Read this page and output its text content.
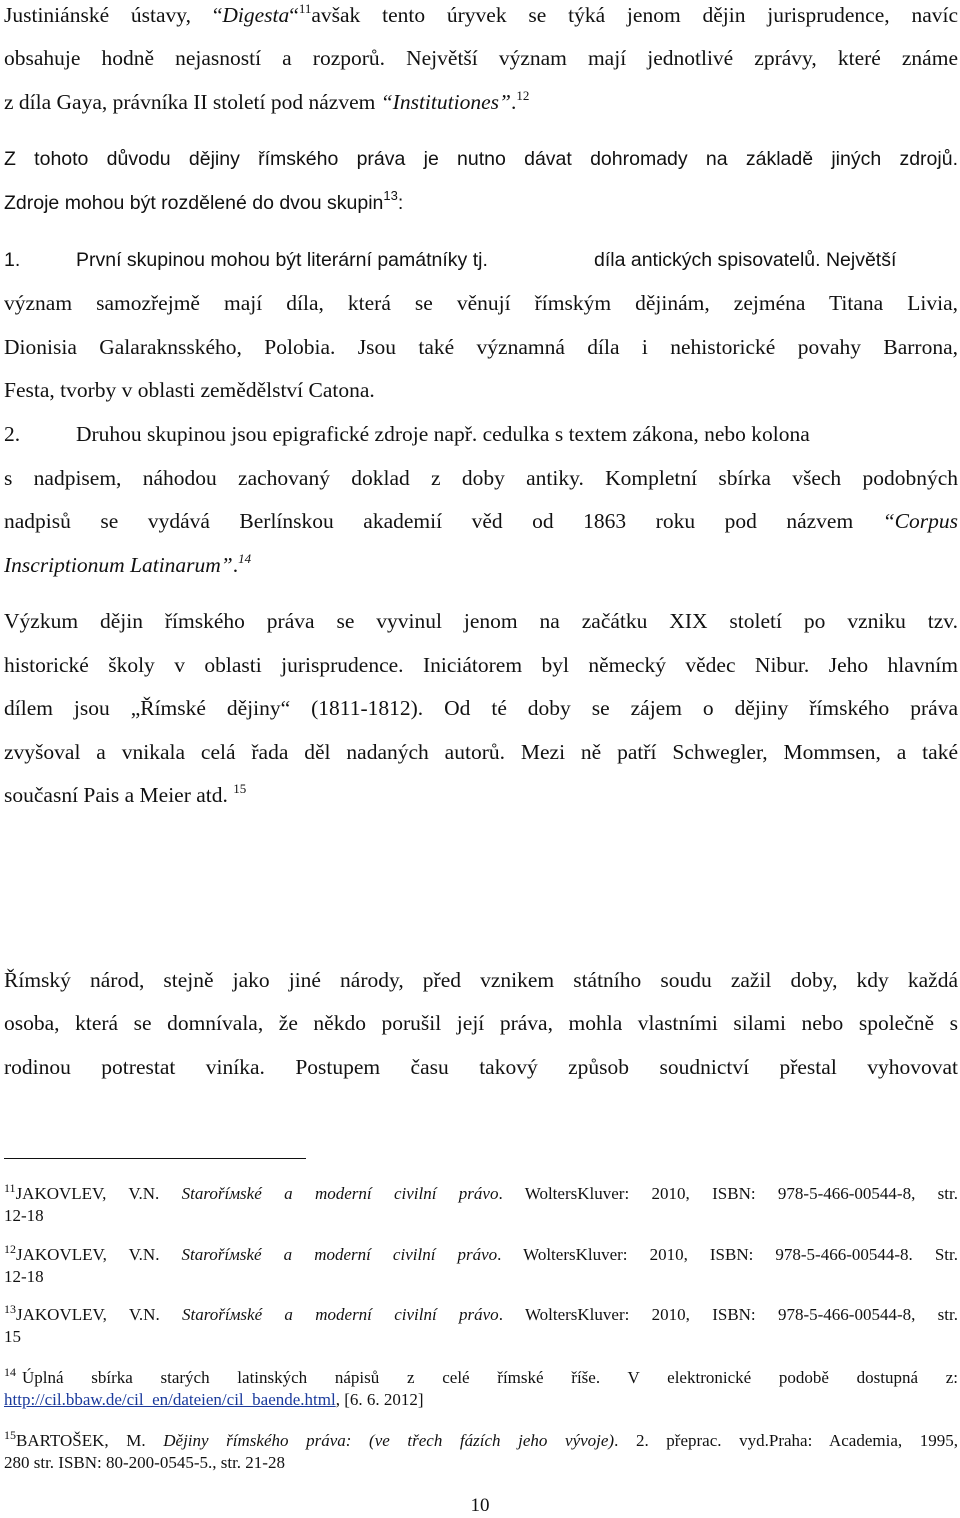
Justiniánské ústavy, “Digesta“$^{11}$avšak tento úryvek se týká jenom dějin jurisprudence, navíc
obsahuje hodně nejasností a rozporů. Největší význam mají jednotlivé zprávy, které známe
z díla Gaya, právníka II století pod názvem “Institutiones”.$^{12}$
Z tohoto důvodu dějiny římského práva je nutno dávat dohromady na základě jiných zdrojů.
Zdroje mohou být rozdělené do dvou skupin$^{13}$:
1.	První skupinou mohou být literární památníky tj.	díla antických spisovatelů. Největší
význam samozřejmě mají díla, která se věnují římským dějinám, zejména Titana Livia,
Dionisia Galaraknsského, Polobia. Jsou také významná díla i nehistorické povahy Barrona,
Festa, tvorby v oblasti zemědělství Catona.
2.	Druhou skupinou jsou epigrafické zdroje např. cedulka s textem zákona, nebo kolona
s nadpisem, náhodou zachovaný doklad z doby antiky. Kompletní sbírka všech podobných
nadpisů se vydává Berlínskou akademií věd od 1863 roku pod názvem “Corpus
Inscriptionum Latinarum”.$^{14}$
Výzkum dějin římského práva se vyvinul jenom na začátku XIX století po vzniku tzv.
historické školy v oblasti jurisprudence. Iniciátorem byl německý vědec Nibur. Jeho hlavním
dílem jsou „Římské dějiny“ (1811-1812). Od té doby se zájem o dějiny římského práva
zvyšoval a vnikala celá řada děl nadaných autorů. Mezi ně patří Schwegler, Mommsen, a také
současní Pais a Meier atd. $^{15}$
Římský národ, stejně jako jiné národy, před vznikem státního soudu zažil doby, kdy každá
osoba, která se domnívala, že někdo porušil její práva, mohla vlastními silami nebo společně s
rodinou potrestat viníka. Postupem času takový způsob soudnictví přestal vyhovovat
$^{11}$JAKOVLEV, V.N. Staroříмské a moderní civilní právo. WoltersKluver: 2010, ISBN: 978-5-466-00544-8, str.
12-18
$^{12}$JAKOVLEV, V.N. Staroříмské a moderní civilní právo. WoltersKluver: 2010, ISBN: 978-5-466-00544-8. Str.
12-18
$^{13}$JAKOVLEV, V.N. Staroříмské a moderní civilní právo. WoltersKluver: 2010, ISBN: 978-5-466-00544-8, str.
15
$^{14}$ Úplná sbírka starých latinských nápisů z celé římské říše. V elektronické podobě dostupná z:
http://cil.bbaw.de/cil_en/dateien/cil_baende.html, [6. 6. 2012]
$^{15}$BARTOŠEK, M. Dějiny římského práva: (ve třech fázích jeho vývoje). 2. přeprac. vyd.Praha: Academia, 1995,
280 str. ISBN: 80-200-0545-5., str. 21-28
10
